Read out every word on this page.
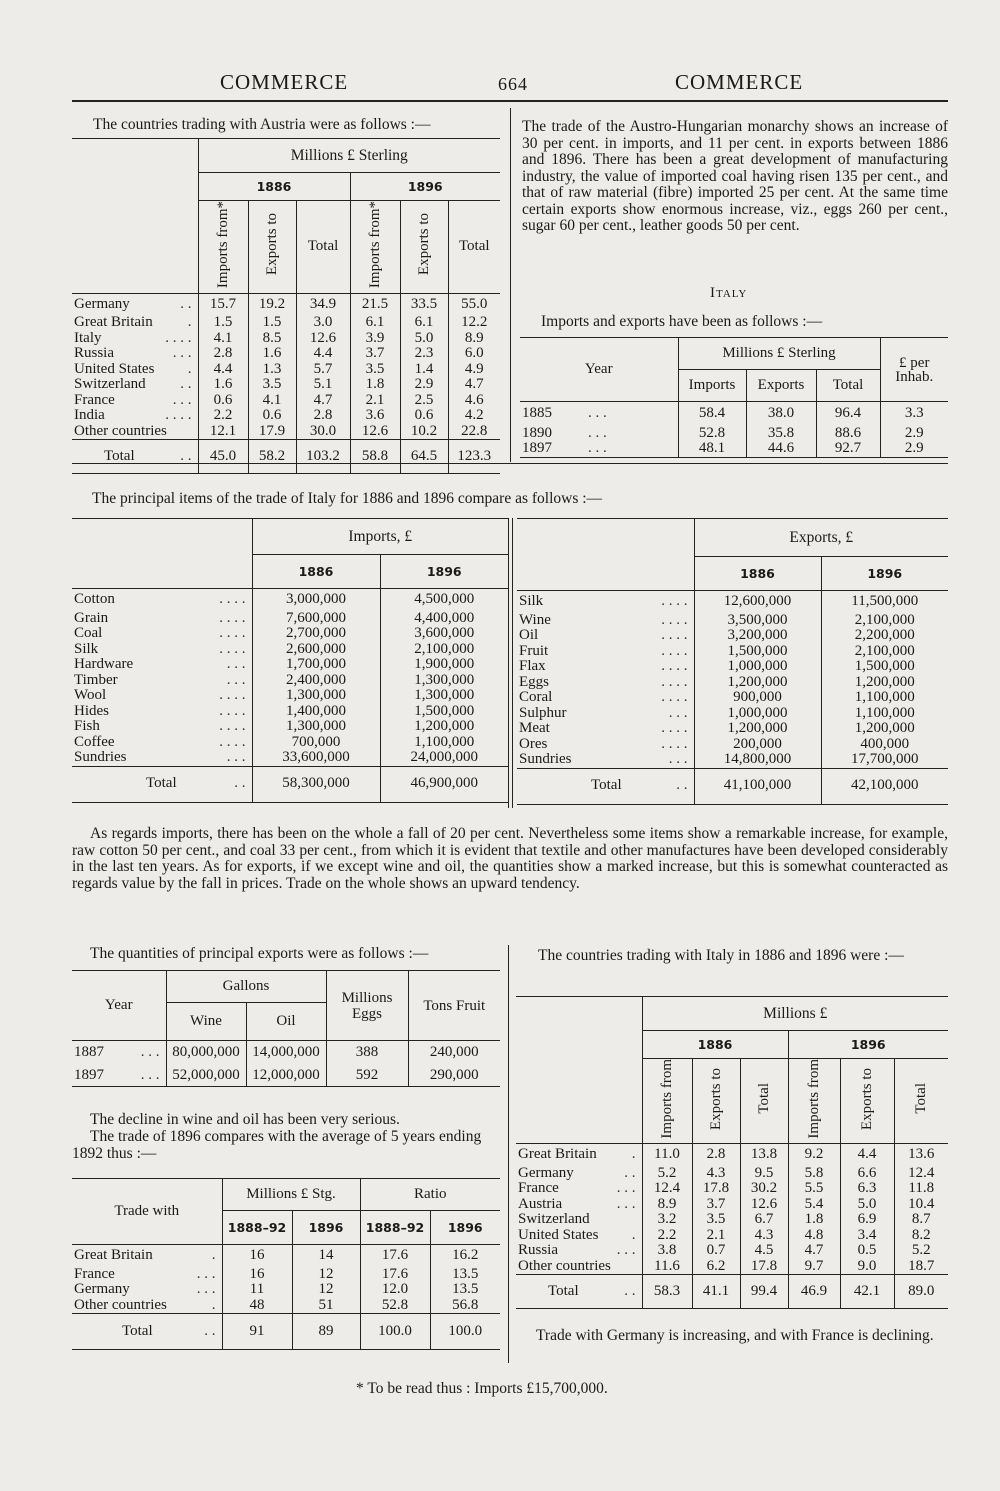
COMMERCE	664	COMMERCE
The countries trading with Austria were as follows :—
	Millions £ Sterling					
	1886			1896		
	Imports from*	Exports to	Total	Imports from*	Exports to	Total
Germany . .	15.7	19.2	34.9	21.5	33.5	55.0
Great Britain .	1.5	1.5	3.0	6.1	6.1	12.2
Italy . . . .	4.1	8.5	12.6	3.9	5.0	8.9
Russia . . .	2.8	1.6	4.4	3.7	2.3	6.0
United States .	4.4	1.3	5.7	3.5	1.4	4.9
Switzerland . .	1.6	3.5	5.1	1.8	2.9	4.7
France . . .	0.6	4.1	4.7	2.1	2.5	4.6
India . . . .	2.2	0.6	2.8	3.6	0.6	4.2
Other countries	12.1	17.9	30.0	12.6	10.2	22.8
Total . .	45.0	58.2	103.2	58.8	64.5	123.3

The trade of the Austro-Hungarian monarchy shows an increase of 30 per cent. in imports, and 11 per cent. in exports between 1886 and 1896. There has been a great development of manufacturing industry, the value of imported coal having risen 135 per cent., and that of raw material (fibre) imported 25 per cent. At the same time certain exports show enormous increase, viz., eggs 260 per cent., sugar 60 per cent., leather goods 50 per cent.

Italy
Imports and exports have been as follows :—
Year	Millions £ Sterling			£ per Inhab.
	Imports	Exports	Total	
1885 . . .	58.4	38.0	96.4	3.3
1890 . . .	52.8	35.8	88.6	2.9
1897 . . .	48.1	44.6	92.7	2.9
The principal items of the trade of Italy for 1886 and 1896 compare as follows :—
	Imports, £	
	1886	1896
Cotton . . . .	3,000,000	4,500,000
Grain . . . .	7,600,000	4,400,000
Coal . . . .	2,700,000	3,600,000
Silk . . . .	2,600,000	2,100,000
Hardware . . .	1,700,000	1,900,000
Timber . . .	2,400,000	1,300,000
Wool . . . .	1,300,000	1,300,000
Hides . . . .	1,400,000	1,500,000
Fish . . . .	1,300,000	1,200,000
Coffee . . . .	700,000	1,100,000
Sundries . . .	33,600,000	24,000,000
Total . .	58,300,000	46,900,000
	Exports, £	
	1886	1896
Silk . . . .	12,600,000	11,500,000
Wine . . . .	3,500,000	2,100,000
Oil . . . .	3,200,000	2,200,000
Fruit . . . .	1,500,000	2,100,000
Flax . . . .	1,000,000	1,500,000
Eggs . . . .	1,200,000	1,200,000
Coral . . . .	900,000	1,100,000
Sulphur . . .	1,000,000	1,100,000
Meat . . . .	1,200,000	1,200,000
Ores . . . .	200,000	400,000
Sundries . . .	14,800,000	17,700,000
Total . .	41,100,000	42,100,000

As regards imports, there has been on the whole a fall of 20 per cent. Nevertheless some items show a remarkable increase, for example, raw cotton 50 per cent., and coal 33 per cent., from which it is evident that textile and other manufactures have been developed considerably in the last ten years. As for exports, if we except wine and oil, the quantities show a marked increase, but this is somewhat counteracted as regards value by the fall in prices. Trade on the whole shows an upward tendency.

The quantities of principal exports were as follows :—
Year	Gallons		Millions Eggs	Tons Fruit
	Wine	Oil		
1887 . . .	80,000,000	14,000,000	388	240,000
1897 . . .	52,000,000	12,000,000	592	290,000
The decline in wine and oil has been very serious.

The trade of 1896 compares with the average of 5 years ending 1892 thus :—

Trade with	Millions £ Stg.		Ratio	
	1888–92	1896	1888–92	1896
Great Britain .	16	14	17.6	16.2
France . . .	16	12	17.6	13.5
Germany . . .	11	12	12.0	13.5
Other countries .	48	51	52.8	56.8
Total . .	91	89	100.0	100.0

The countries trading with Italy in 1886 and 1896 were :—

	Millions £					
	1886			1896		
	Imports from	Exports to	Total	Imports from	Exports to	Total
Great Britain .	11.0	2.8	13.8	9.2	4.4	13.6
Germany . .	5.2	4.3	9.5	5.8	6.6	12.4
France . . .	12.4	17.8	30.2	5.5	6.3	11.8
Austria . . .	8.9	3.7	12.6	5.4	5.0	10.4
Switzerland	3.2	3.5	6.7	1.8	6.9	8.7
United States .	2.2	2.1	4.3	4.8	3.4	8.2
Russia . . .	3.8	0.7	4.5	4.7	0.5	5.2
Other countries	11.6	6.2	17.8	9.7	9.0	18.7
Total . .	58.3	41.1	99.4	46.9	42.1	89.0

Trade with Germany is increasing, and with France is declining.

* To be read thus : Imports £15,700,000.
